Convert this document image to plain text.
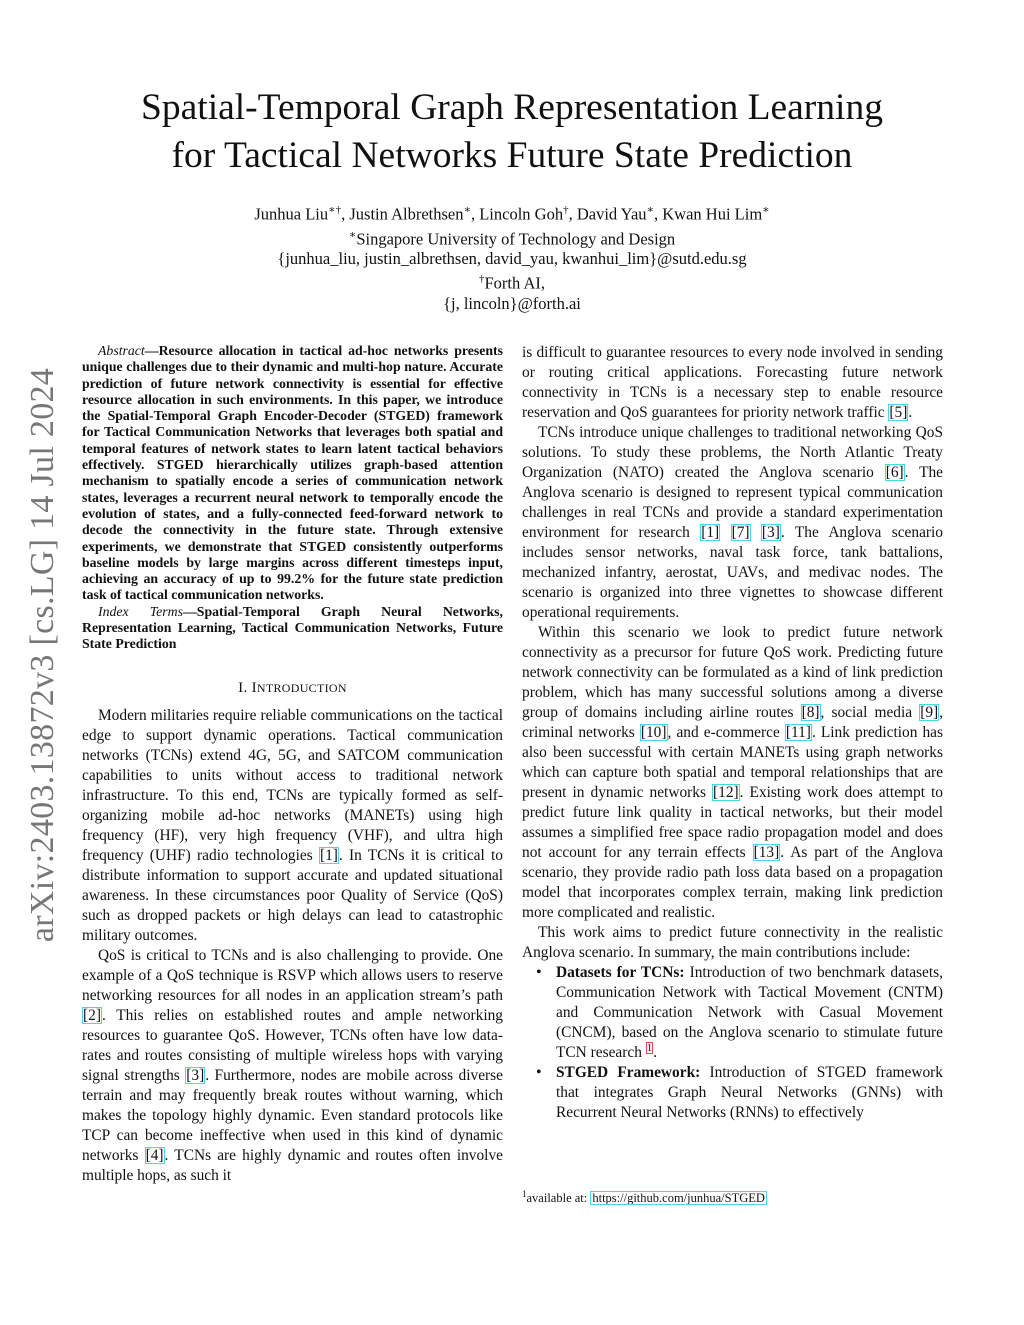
arXiv:2403.13872v3 [cs.LG] 14 Jul 2024
Spatial-Temporal Graph Representation Learning
for Tactical Networks Future State Prediction
Junhua Liu∗†, Justin Albrethsen∗, Lincoln Goh†, David Yau∗, Kwan Hui Lim∗
∗Singapore University of Technology and Design
{junhua_liu, justin_albrethsen, david_yau, kwanhui_lim}@sutd.edu.sg
†Forth AI,
{j, lincoln}@forth.ai

Abstract—Resource allocation in tactical ad-hoc networks presents unique challenges due to their dynamic and multi-hop nature. Accurate prediction of future network connectivity is essential for effective resource allocation in such environments. In this paper, we introduce the Spatial-Temporal Graph Encoder-Decoder (STGED) framework for Tactical Communication Networks that leverages both spatial and temporal features of network states to learn latent tactical behaviors effectively. STGED hierarchically utilizes graph-based attention mechanism to spatially encode a series of communication network states, leverages a recurrent neural network to temporally encode the evolution of states, and a fully-connected feed-forward network to decode the connectivity in the future state. Through extensive experiments, we demonstrate that STGED consistently outperforms baseline models by large margins across different timesteps input, achieving an accuracy of up to 99.2% for the future state prediction task of tactical communication networks.

Index Terms—Spatial-Temporal Graph Neural Networks, Representation Learning, Tactical Communication Networks, Future State Prediction

I. INTRODUCTION

Modern militaries require reliable communications on the tactical edge to support dynamic operations. Tactical communication networks (TCNs) extend 4G, 5G, and SATCOM communication capabilities to units without access to traditional network infrastructure. To this end, TCNs are typically formed as self-organizing mobile ad-hoc networks (MANETs) using high frequency (HF), very high frequency (VHF), and ultra high frequency (UHF) radio technologies [1]. In TCNs it is critical to distribute information to support accurate and updated situational awareness. In these circumstances poor Quality of Service (QoS) such as dropped packets or high delays can lead to catastrophic military outcomes.

QoS is critical to TCNs and is also challenging to provide. One example of a QoS technique is RSVP which allows users to reserve networking resources for all nodes in an application stream’s path [2]. This relies on established routes and ample networking resources to guarantee QoS. However, TCNs often have low data-rates and routes consisting of multiple wireless hops with varying signal strengths [3]. Furthermore, nodes are mobile across diverse terrain and may frequently break routes without warning, which makes the topology highly dynamic. Even standard protocols like TCP can become ineffective when used in this kind of dynamic networks [4]. TCNs are highly dynamic and routes often involve multiple hops, as such it

is difficult to guarantee resources to every node involved in sending or routing critical applications. Forecasting future network connectivity in TCNs is a necessary step to enable resource reservation and QoS guarantees for priority network traffic [5].

TCNs introduce unique challenges to traditional networking QoS solutions. To study these problems, the North Atlantic Treaty Organization (NATO) created the Anglova scenario [6]. The Anglova scenario is designed to represent typical communication challenges in real TCNs and provide a standard experimentation environment for research [1] [7] [3]. The Anglova scenario includes sensor networks, naval task force, tank battalions, mechanized infantry, aerostat, UAVs, and medivac nodes. The scenario is organized into three vignettes to showcase different operational requirements.

Within this scenario we look to predict future network connectivity as a precursor for future QoS work. Predicting future network connectivity can be formulated as a kind of link prediction problem, which has many successful solutions among a diverse group of domains including airline routes [8], social media [9], criminal networks [10], and e-commerce [11]. Link prediction has also been successful with certain MANETs using graph networks which can capture both spatial and temporal relationships that are present in dynamic networks [12]. Existing work does attempt to predict future link quality in tactical networks, but their model assumes a simplified free space radio propagation model and does not account for any terrain effects [13]. As part of the Anglova scenario, they provide radio path loss data based on a propagation model that incorporates complex terrain, making link prediction more complicated and realistic.

This work aims to predict future connectivity in the realistic Anglova scenario. In summary, the main contributions include:

• Datasets for TCNs: Introduction of two benchmark datasets, Communication Network with Tactical Movement (CNTM) and Communication Network with Casual Movement (CNCM), based on the Anglova scenario to stimulate future TCN research $^1$.
• STGED Framework: Introduction of STGED framework that integrates Graph Neural Networks (GNNs) with Recurrent Neural Networks (RNNs) to effectively
$^1$available at: https://github.com/junhua/STGED
